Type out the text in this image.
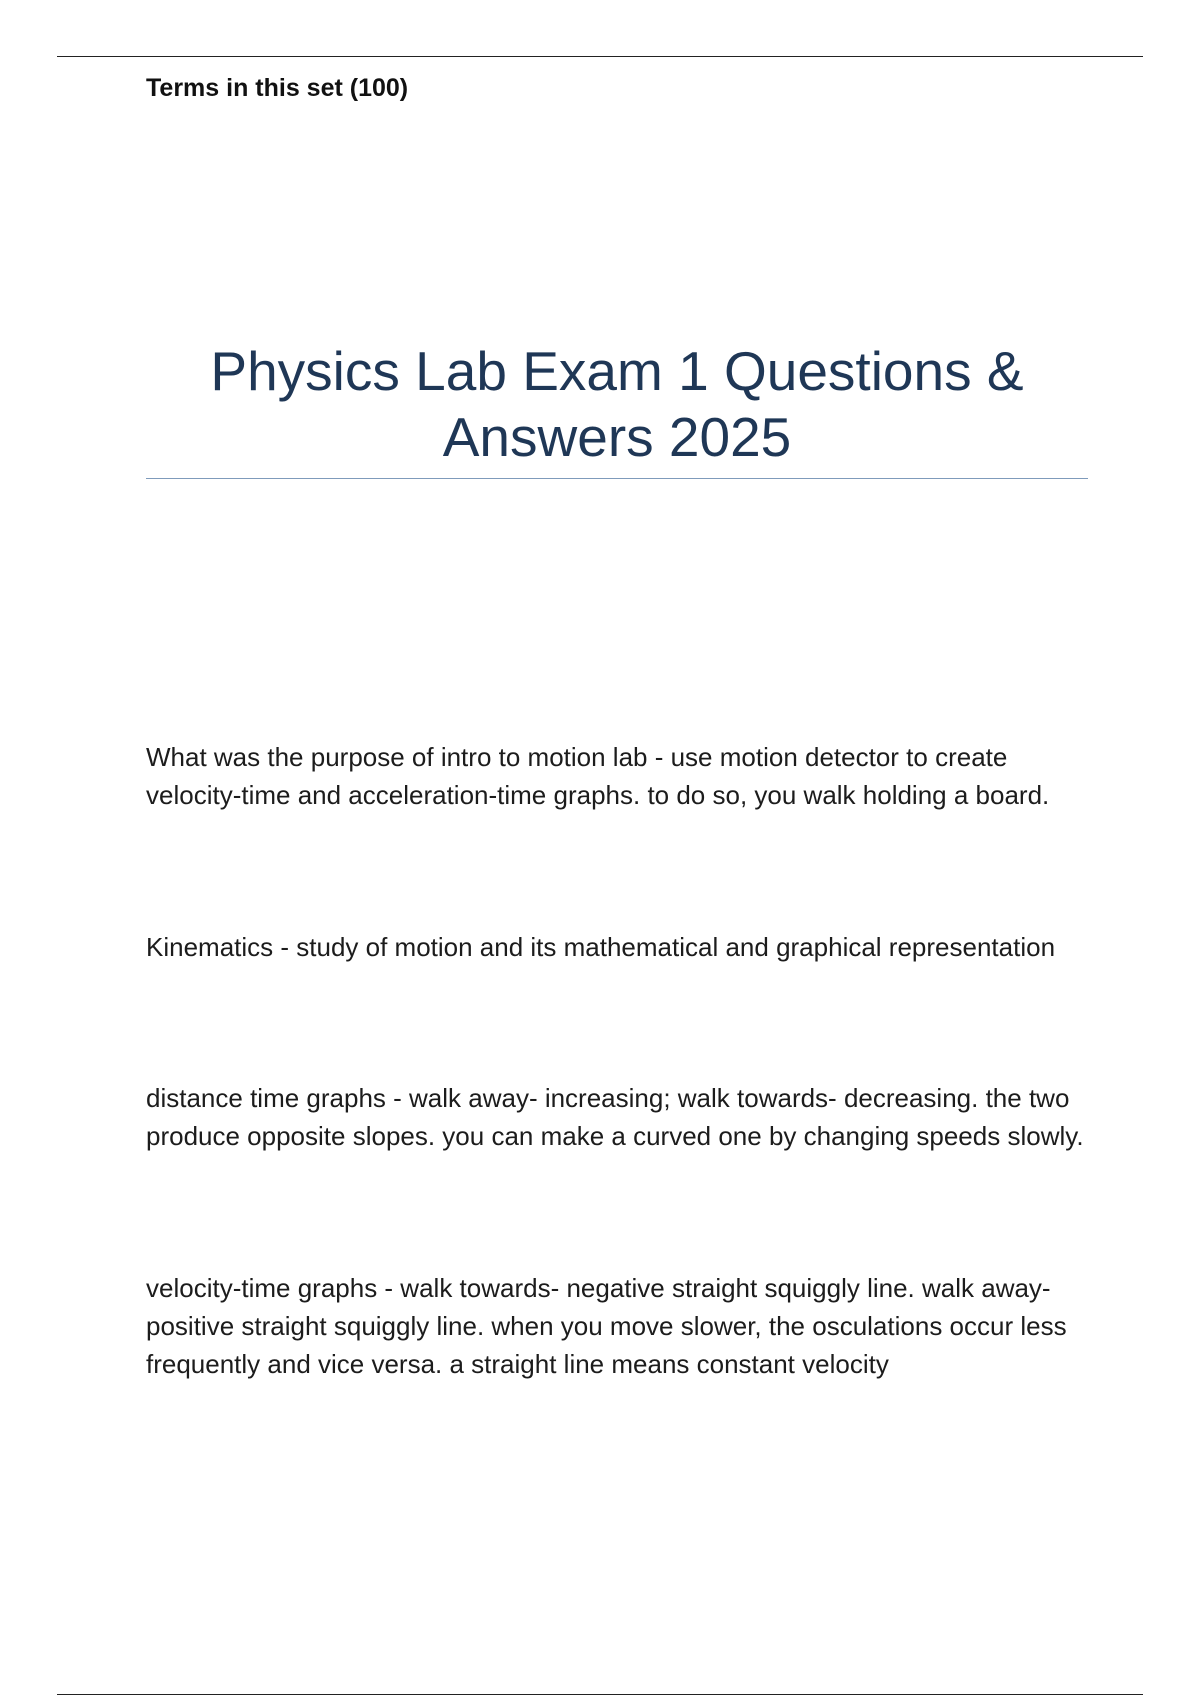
Terms in this set (100)

Physics Lab Exam 1 Questions & Answers 2025

What was the purpose of intro to motion lab - use motion detector to create velocity-time and acceleration-time graphs. to do so, you walk holding a board.

Kinematics - study of motion and its mathematical and graphical representation

distance time graphs - walk away- increasing; walk towards- decreasing. the two produce opposite slopes. you can make a curved one by changing speeds slowly.

velocity-time graphs - walk towards- negative straight squiggly line. walk away- positive straight squiggly line. when you move slower, the osculations occur less frequently and vice versa. a straight line means constant velocity
